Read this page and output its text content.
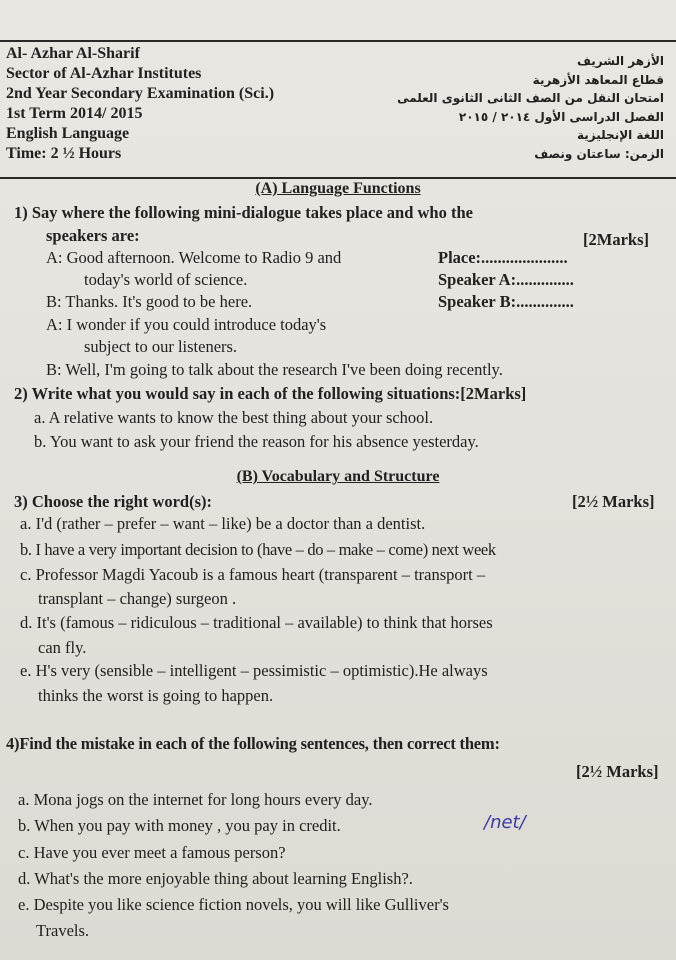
Al- Azhar Al-Sharif
Sector of Al-Azhar Institutes
2nd Year Secondary Examination (Sci.)
1st Term 2014/ 2015
English Language
Time: 2 ½ Hours
الأزهر الشريف
قطاع المعاهد الأزهرية
امتحان النقل من الصف الثانى الثانوى العلمى
الفصل الدراسى الأول ٢٠١٤ / ٢٠١٥
اللغة الإنجليزية
الزمن: ساعتان ونصف
(A) Language Functions
1) Say where the following mini-dialogue takes place and who the
speakers are:	[2Marks]
A: Good afternoon. Welcome to Radio 9 and	Place:.....................
today's world of science.	Speaker A:..............
B: Thanks. It's good to be here.	Speaker B:..............
A: I wonder if you could introduce today's
subject to our listeners.
B: Well, I'm going to talk about the research I've been doing recently.
2) Write what you would say in each of the following situations:[2Marks]
a. A relative wants to know the best thing about your school.
b. You want to ask your friend the reason for his absence yesterday.
(B) Vocabulary and Structure
3) Choose the right word(s):	[2½ Marks]
a. I'd (rather – prefer – want – like) be a doctor than a dentist.
b. I have a very important decision to (have – do – make – come) next week
c. Professor Magdi Yacoub is a famous heart (transparent – transport –
transplant – change) surgeon .
d. It's (famous – ridiculous – traditional – available) to think that horses
can fly.
e. H's very (sensible – intelligent – pessimistic – optimistic).He always
thinks the worst is going to happen.
4)Find the mistake in each of the following sentences, then correct them:
[2½ Marks]
a. Mona jogs on the internet for long hours every day.
b. When you pay with money , you pay in credit.	/net/
c. Have you ever meet a famous person?
d. What's the more enjoyable thing about learning English?.
e. Despite you like science fiction novels, you will like Gulliver's
Travels.
